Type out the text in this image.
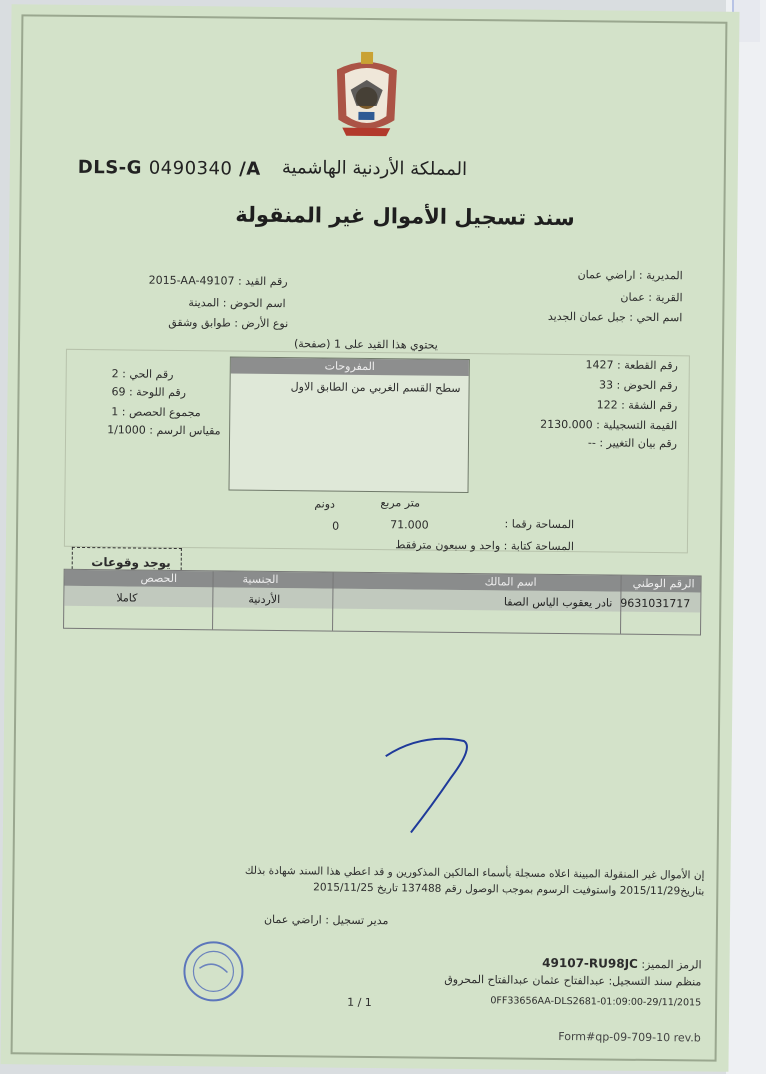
DLS-G 0490340 /A المملكة الأردنية الهاشمية
سند تسجيل الأموال غير المنقولة
المديرية : اراضي عمان
القرية : عمان
اسم الحي : جبل عمان الجديد
رقم القيد : 2015-AA-49107
اسم الحوض : المدينة
نوع الأرض : طوابق وشقق
يحتوي هذا القيد على 1 (صفحة)
رقم القطعة : 1427
رقم الحوض : 33
رقم الشقة : 122
القيمة التسجيلية : 2130.000
رقم بيان التغيير : --
رقم الحي : 2
رقم اللوحة : 69
مجموع الحصص : 1
مقياس الرسم : 1/1000
المفروحات
سطح القسم الغربي من الطابق الاول
متر مربع
دونم
المساحة رقما :
71.000
0
المساحة كتابة : واحد و سبعون مترفقط
يوجد وقوعات
الرقم الوطني
اسم المالك
الجنسية
الحصص
9631031717
نادر يعقوب الياس الصفا
الأردنية
كاملا
إن الأموال غير المنقولة المبينة اعلاه مسجلة بأسماء المالكين المذكورين و قد اعطي هذا السند شهادة بذلك
بتاريخ2015/11/29 واستوفيت الرسوم بموجب الوصول رقم 137488 تاريخ 2015/11/25
مدير تسجيل : اراضي عمان
الرمز المميز: 49107-RU98JC
منظم سند التسجيل: عبدالفتاح عثمان عبدالفتاح المحروق
1 / 1	0FF33656AA-DLS2681-01:09:00-29/11/2015
Form#qp-09-709-10 rev.b
